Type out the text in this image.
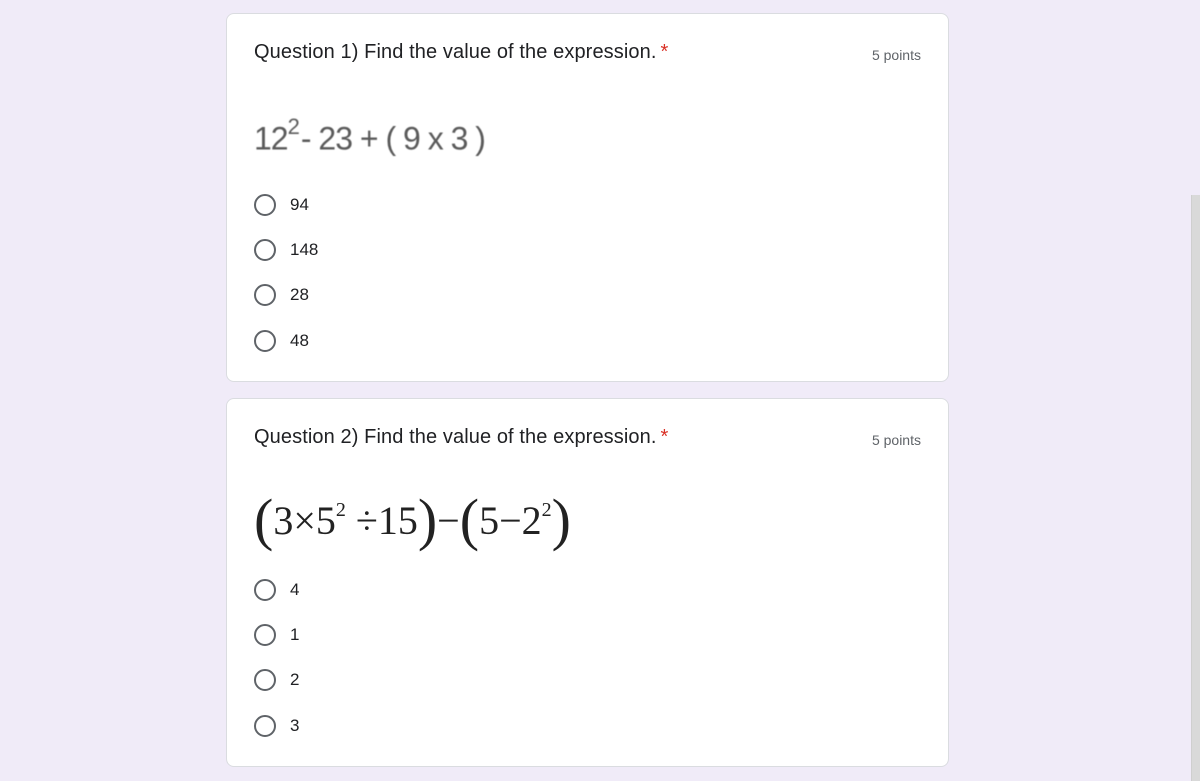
Question 1) Find the value of the expression. *	5 points
$12^2-$ 23 + ( 9 x 3 )
94
148
28
48
Question 2) Find the value of the expression. *	5 points
$(3\times 5^2 \div 15)-(5-2^2)$
4
1
2
3
